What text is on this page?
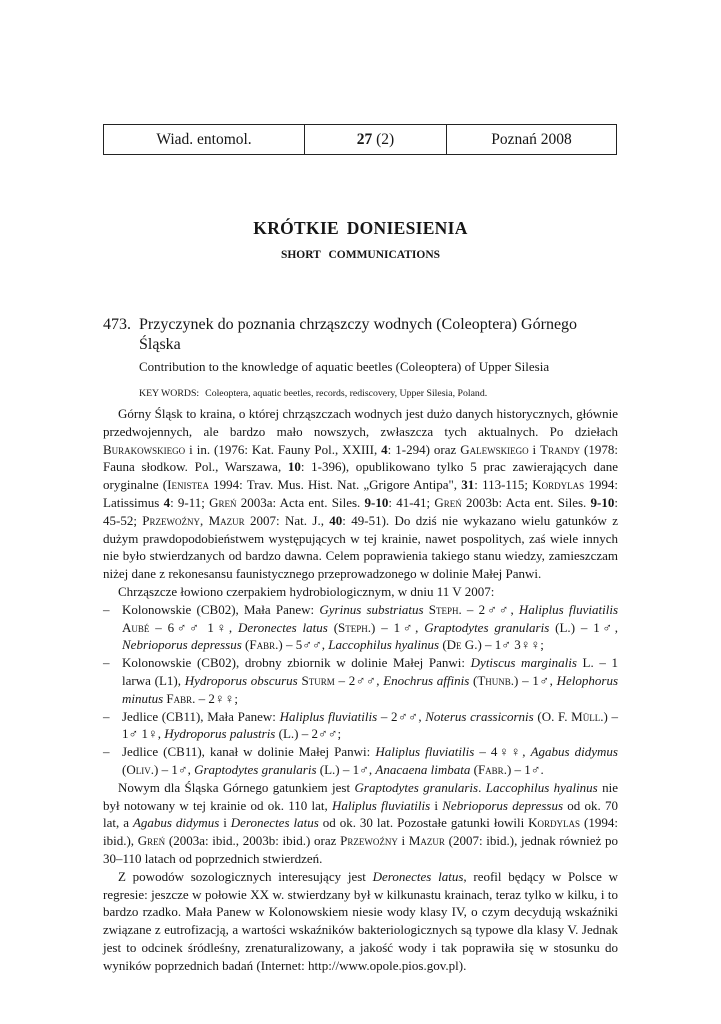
Wiad. entomol.	27
(2)	Poznań 2008
KRÓTKIE DONIESIENIA
SHORT COMMUNICATIONS
473. Przyczynek do poznania chrząszczy wodnych (Coleoptera) Górnego Śląska
Contribution to the knowledge of aquatic beetles (Coleoptera) of Upper Silesia
KEY WORDS: Coleoptera, aquatic beetles, records, rediscovery, Upper Silesia, Poland.

Górny Śląsk to kraina, o której chrząszczach wodnych jest dużo danych historycznych, głównie przedwojennych, ale bardzo mało nowszych, zwłaszcza tych aktualnych. Po dziełach Burakowskiego i in. (1976: Kat. Fauny Pol., XXIII, 4: 1-294) oraz Galewskiego i Trandy (1978: Fauna słodkow. Pol., Warszawa, 10: 1-396), opublikowano tylko 5 prac zawierających dane oryginalne (Ienistea 1994: Trav. Mus. Hist. Nat. „Grigore Antipa", 31: 113-115; Kordylas 1994: Latissimus 4: 9-11; Greń 2003a: Acta ent. Siles. 9-10: 41-41; Greń 2003b: Acta ent. Siles. 9-10: 45-52; Przewoźny, Mazur 2007: Nat. J., 40: 49-51). Do dziś nie wykazano wielu gatunków z dużym prawdopodobieństwem występujących w tej krainie, nawet pospolitych, zaś wiele innych nie było stwierdzanych od bardzo dawna. Celem poprawienia takiego stanu wiedzy, zamieszczam niżej dane z rekonesansu faunistycznego przeprowadzonego w dolinie Małej Panwi.

Chrząszcze łowiono czerpakiem hydrobiologicznym, w dniu 11 V 2007:

– Kolonowskie (CB02), Mała Panew: Gyrinus substriatus Steph. – 2♂♂, Haliplus fluviatilis Aubé – 6♂♂ 1♀, Deronectes latus (Steph.) – 1♂, Graptodytes granularis (L.) – 1♂, Nebrioporus depressus (Fabr.) – 5♂♂, Laccophilus hyalinus (De G.) – 1♂ 3♀♀;
– Kolonowskie (CB02), drobny zbiornik w dolinie Małej Panwi: Dytiscus marginalis L. – 1 larwa (L1), Hydroporus obscurus Sturm – 2♂♂, Enochrus affinis (Thunb.) – 1♂, Helophorus minutus Fabr. – 2♀♀;
– Jedlice (CB11), Mała Panew: Haliplus fluviatilis – 2♂♂, Noterus crassicornis (O. F. Müll.) – 1♂ 1♀, Hydroporus palustris (L.) – 2♂♂;
– Jedlice (CB11), kanał w dolinie Małej Panwi: Haliplus fluviatilis – 4♀♀, Agabus didymus (Oliv.) – 1♂, Graptodytes granularis (L.) – 1♂, Anacaena limbata (Fabr.) – 1♂.

Nowym dla Śląska Górnego gatunkiem jest Graptodytes granularis. Laccophilus hyalinus nie był notowany w tej krainie od ok. 110 lat, Haliplus fluviatilis i Nebrioporus depressus od ok. 70 lat, a Agabus didymus i Deronectes latus od ok. 30 lat. Pozostałe gatunki łowili Kordylas (1994: ibid.), Greń (2003a: ibid., 2003b: ibid.) oraz Przewoźny i Mazur (2007: ibid.), jednak również po 30–110 latach od poprzednich stwierdzeń.

Z powodów sozologicznych interesujący jest Deronectes latus, reofil będący w Polsce w regresie: jeszcze w połowie XX w. stwierdzany był w kilkunastu krainach, teraz tylko w kilku, i to bardzo rzadko. Mała Panew w Kolonowskiem niesie wody klasy IV, o czym decydują wskaźniki związane z eutrofizacją, a wartości wskaźników bakteriologicznych są typowe dla klasy V. Jednak jest to odcinek śródleśny, zrenaturalizowany, a jakość wody i tak poprawiła się w stosunku do wyników poprzednich badań (Internet: http://www.opole.pios.gov.pl).
